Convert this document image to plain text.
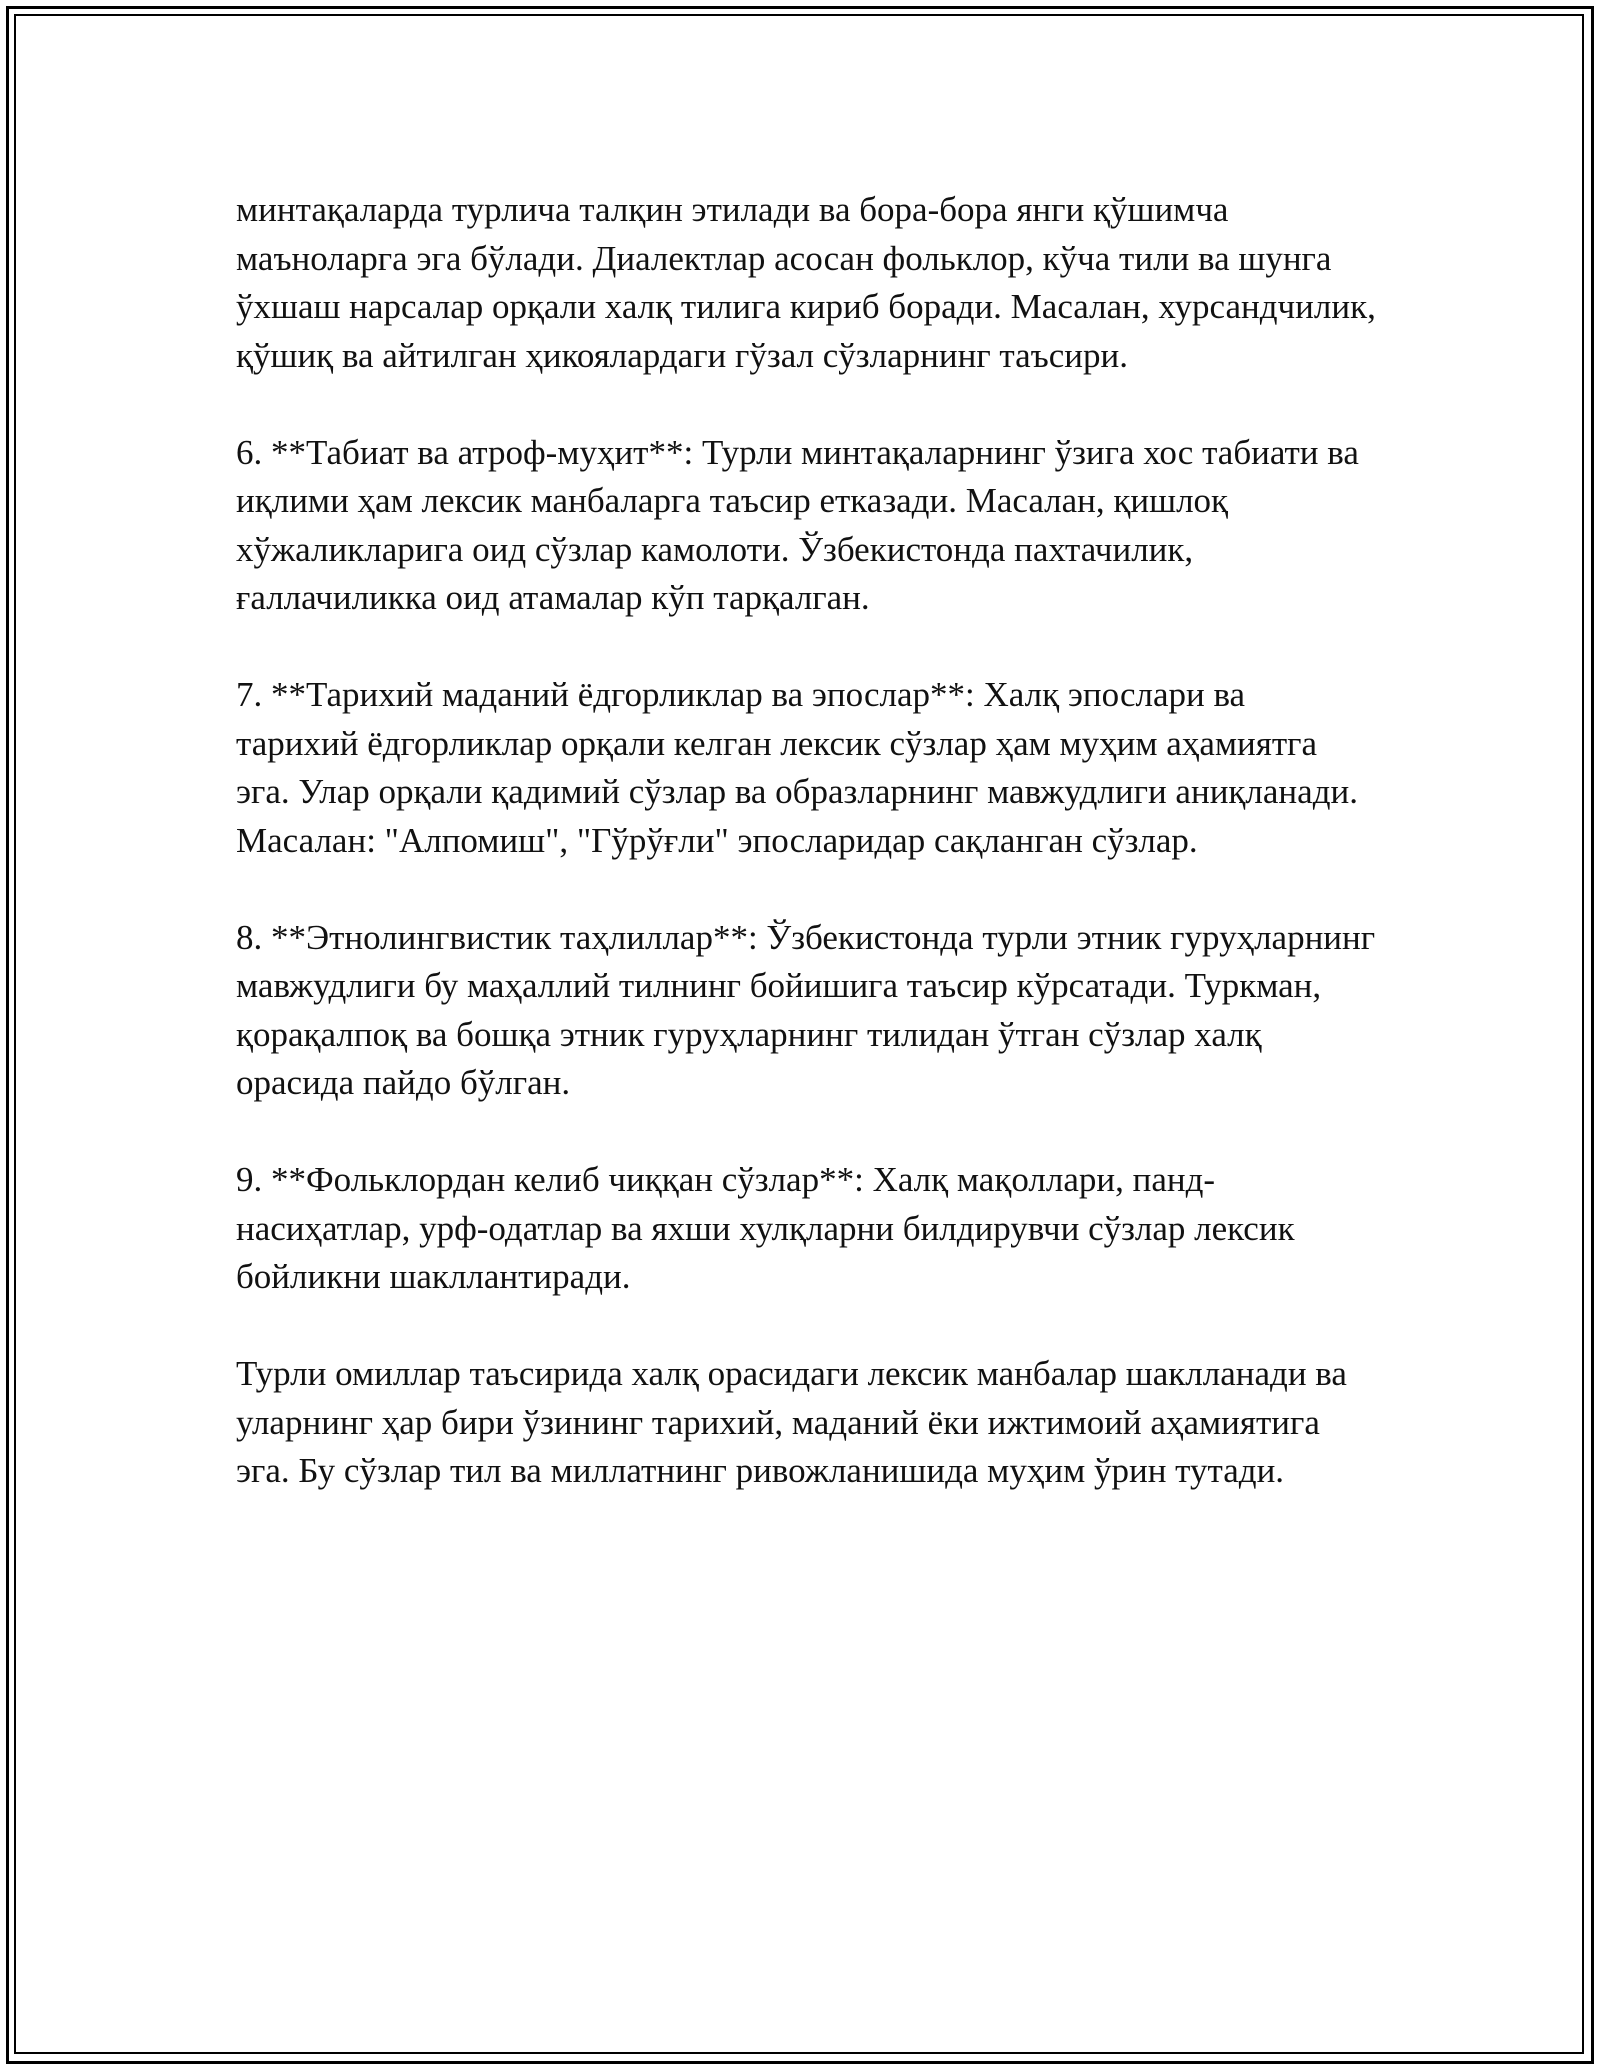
минтақаларда турлича талқин этилади ва бора-бора янги қўшимча маъноларга эга бўлади. Диалектлар асосан фольклор, кўча тили ва шунга ўхшаш нарсалар орқали халқ тилига кириб боради. Масалан, хурсандчилик, қўшиқ ва айтилган ҳикоялардаги гўзал сўзларнинг таъсири.

6. **Табиат ва атроф-муҳит**: Турли минтақаларнинг ўзига хос табиати ва иқлими ҳам лексик манбаларга таъсир етказади. Масалан, қишлоқ хўжаликларига оид сўзлар камолоти. Ўзбекистонда пахтачилик, ғаллачиликка оид атамалар кўп тарқалган.

7. **Тарихий маданий ёдгорликлар ва эпослар**: Халқ эпослари ва тарихий ёдгорликлар орқали келган лексик сўзлар ҳам муҳим аҳамиятга эга. Улар орқали қадимий сўзлар ва образларнинг мавжудлиги аниқланади. Масалан: "Алпомиш", "Гўрўғли" эпосларидар сақланган сўзлар.

8. **Этнолингвистик таҳлиллар**: Ўзбекистонда турли этник гуруҳларнинг мавжудлиги бу маҳаллий тилнинг бойишига таъсир кўрсатади. Туркман, қорақалпоқ ва бошқа этник гуруҳларнинг тилидан ўтган сўзлар халқ орасида пайдо бўлган.

9. **Фольклордан келиб чиққан сўзлар**: Халқ мақоллари, панд-насиҳатлар, урф-одатлар ва яхши хулқларни билдирувчи сўзлар лексик бойликни шакллантиради.

Турли омиллар таъсирида халқ орасидаги лексик манбалар шаклланади ва уларнинг ҳар бири ўзининг тарихий, маданий ёки ижтимоий аҳамиятига эга. Бу сўзлар тил ва миллатнинг ривожланишида муҳим ўрин тутади.
